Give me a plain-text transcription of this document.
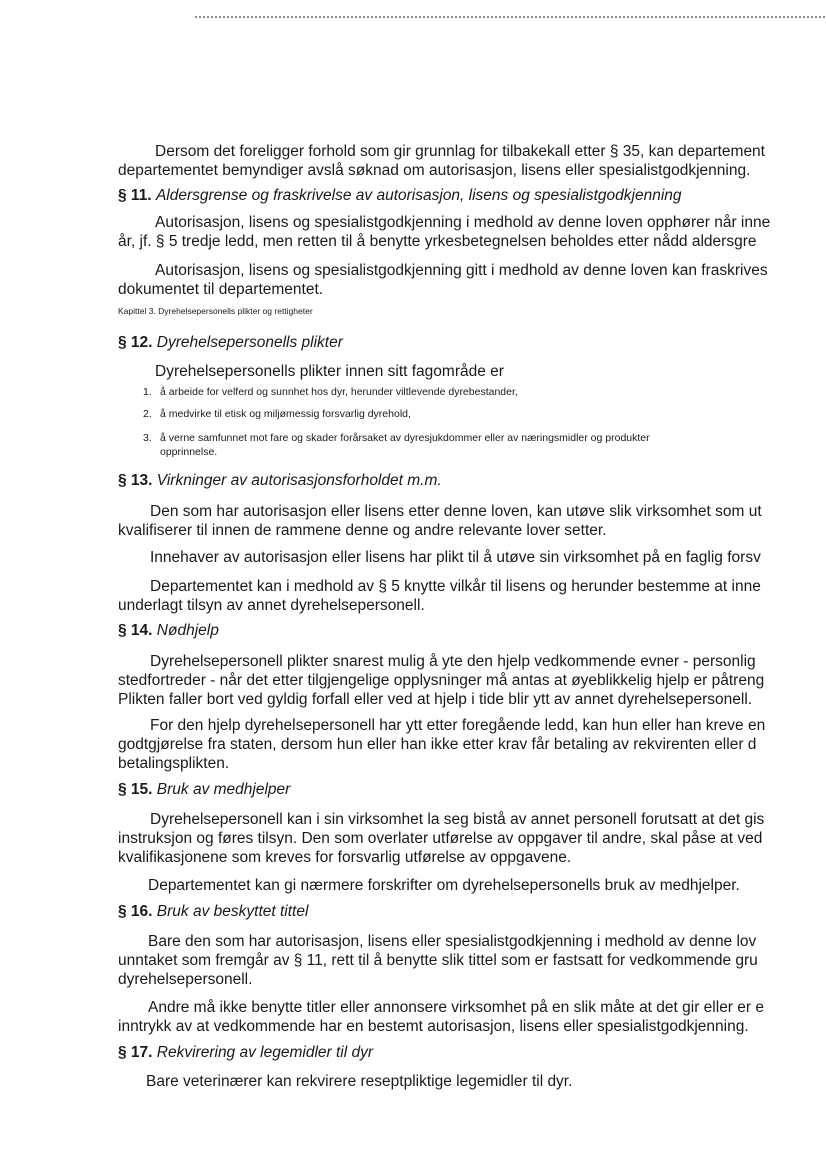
Dersom det foreligger forhold som gir grunnlag for tilbakekall etter § 35, kan departement
departementet bemyndiger avslå søknad om autorisasjon, lisens eller spesialistgodkjenning.
§ 11. Aldersgrense og fraskrivelse av autorisasjon, lisens og spesialistgodkjenning
Autorisasjon, lisens og spesialistgodkjenning i medhold av denne loven opphører når inne
år, jf. § 5 tredje ledd, men retten til å benytte yrkesbetegnelsen beholdes etter nådd aldersgre
Autorisasjon, lisens og spesialistgodkjenning gitt i medhold av denne loven kan fraskrives
dokumentet til departementet.
Kapittel 3. Dyrehelsepersonells plikter og rettigheter
§ 12. Dyrehelsepersonells plikter
Dyrehelsepersonells plikter innen sitt fagområde er
1. å arbeide for velferd og sunnhet hos dyr, herunder viltlevende dyrebestander,
2. å medvirke til etisk og miljømessig forsvarlig dyrehold,
3. å verne samfunnet mot fare og skader forårsaket av dyresjukdommer eller av næringsmidler og produkter
opprinnelse.
§ 13. Virkninger av autorisasjonsforholdet m.m.
Den som har autorisasjon eller lisens etter denne loven, kan utøve slik virksomhet som ut
kvalifiserer til innen de rammene denne og andre relevante lover setter.
Innehaver av autorisasjon eller lisens har plikt til å utøve sin virksomhet på en faglig forsv
Departementet kan i medhold av § 5 knytte vilkår til lisens og herunder bestemme at inne
underlagt tilsyn av annet dyrehelsepersonell.
§ 14. Nødhjelp
Dyrehelsepersonell plikter snarest mulig å yte den hjelp vedkommende evner - personlig
stedfortreder - når det etter tilgjengelige opplysninger må antas at øyeblikkelig hjelp er påtreng
Plikten faller bort ved gyldig forfall eller ved at hjelp i tide blir ytt av annet dyrehelsepersonell.
For den hjelp dyrehelsepersonell har ytt etter foregående ledd, kan hun eller han kreve en
godtgjørelse fra staten, dersom hun eller han ikke etter krav får betaling av rekvirenten eller d
betalingsplikten.
§ 15. Bruk av medhjelper
Dyrehelsepersonell kan i sin virksomhet la seg bistå av annet personell forutsatt at det gis
instruksjon og føres tilsyn. Den som overlater utførelse av oppgaver til andre, skal påse at ved
kvalifikasjonene som kreves for forsvarlig utførelse av oppgavene.
Departementet kan gi nærmere forskrifter om dyrehelsepersonells bruk av medhjelper.
§ 16. Bruk av beskyttet tittel
Bare den som har autorisasjon, lisens eller spesialistgodkjenning i medhold av denne lov
unntaket som fremgår av § 11, rett til å benytte slik tittel som er fastsatt for vedkommende gru
dyrehelsepersonell.
Andre må ikke benytte titler eller annonsere virksomhet på en slik måte at det gir eller er e
inntrykk av at vedkommende har en bestemt autorisasjon, lisens eller spesialistgodkjenning.
§ 17. Rekvirering av legemidler til dyr
Bare veterinærer kan rekvirere reseptpliktige legemidler til dyr.
